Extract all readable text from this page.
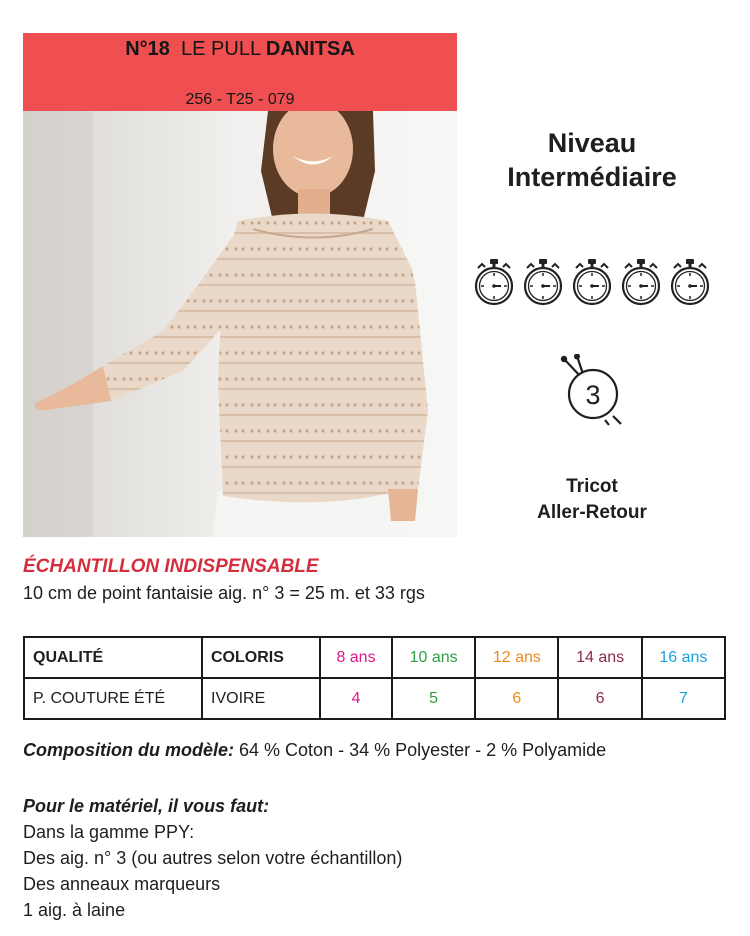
N°18 LE PULL DANITSA
256 - T25 - 079
Niveau
Intermédiaire
3
Tricot
Aller-Retour
ÉCHANTILLON INDISPENSABLE
10 cm de point fantaisie aig. n° 3 = 25 m. et 33 rgs
QUALITÉ	COLORIS	8 ans	10 ans	12 ans	14 ans	16 ans
P. COUTURE ÉTÉ	IVOIRE	4	5	6	6	7
Composition du modèle: 64 % Coton - 34 % Polyester - 2 % Polyamide
Pour le matériel, il vous faut:
Dans la gamme PPY:
Des aig. n° 3 (ou autres selon votre échantillon)
Des anneaux marqueurs
1 aig. à laine
